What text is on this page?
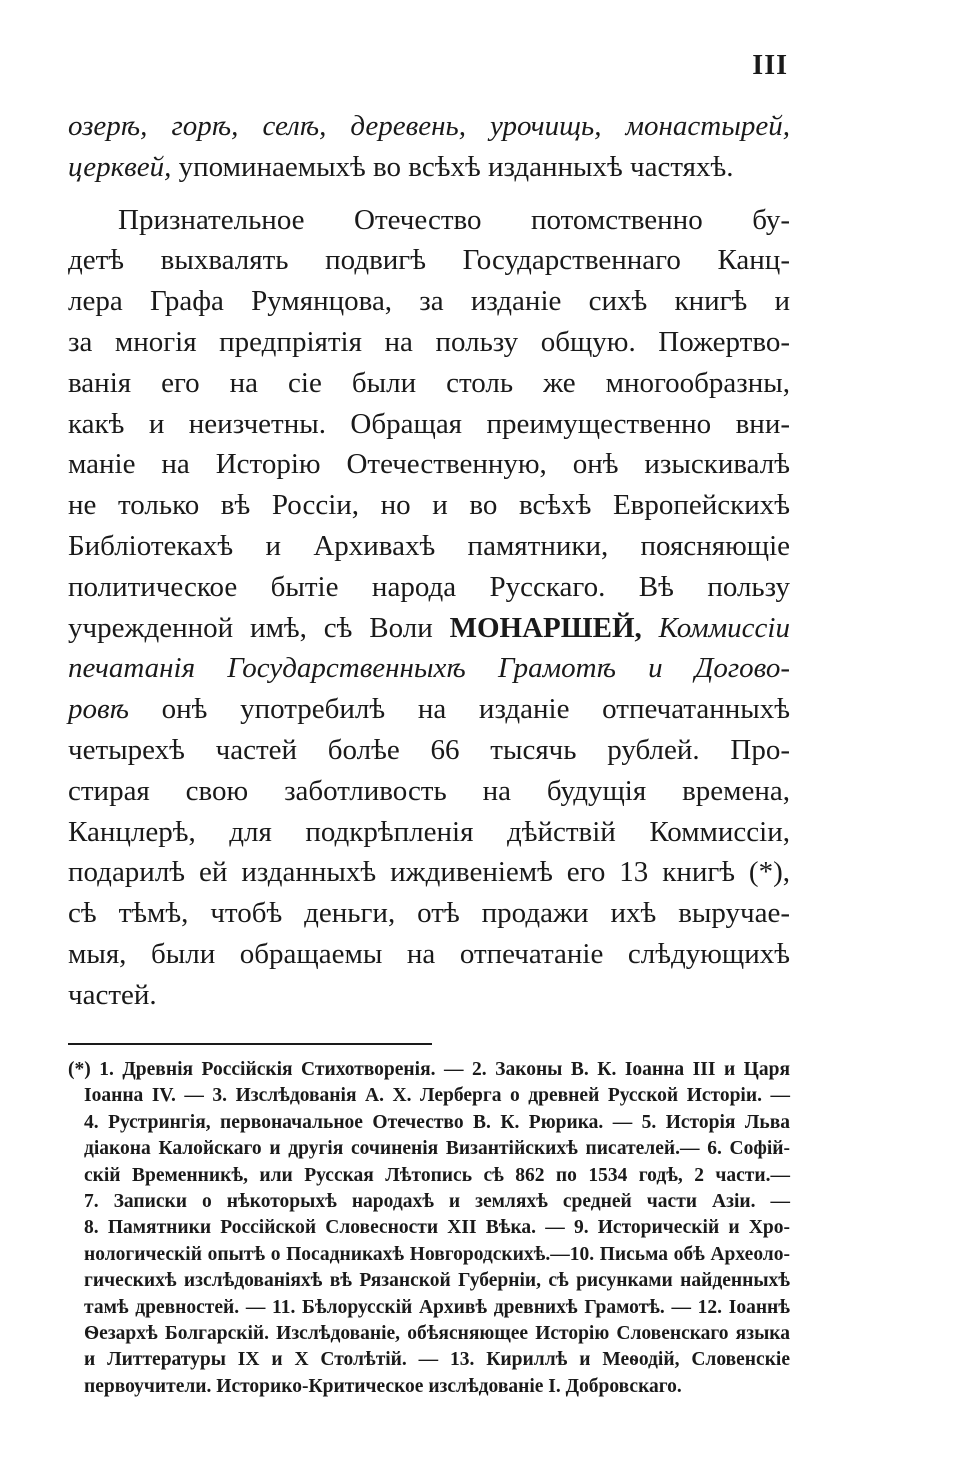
III
озерѣ, горѣ, селѣ, деревень, урочищь, монастырей,
церквей, упоминаемыхѣ во всѣхѣ изданныхѣ частяхѣ.
Признательное Отечество потомственно бу-
детѣ выхвалять подвигѣ Государственнаго Канц-
лера Графа Румянцова, за изданіе сихѣ книгѣ и
за многія предпріятія на пользу общую. Пожертво-
ванія его на сіе были столь же многообразны,
какѣ и неизчетны. Обращая преимущественно вни-
маніе на Исторію Отечественную, онѣ изыскивалѣ
не только вѣ Россіи, но и во всѣхѣ Европейскихѣ
Библіотекахѣ и Архивахѣ памятники, поясняющіе
политическое бытіе народа Русскаго. Вѣ пользу
учрежденной имѣ, сѣ Воли МОНАРШЕЙ, Коммиссіи
печатанія Государственныхѣ Грамотѣ и Догово-
ровѣ онѣ употребилѣ на изданіе отпечатанныхѣ
четырехѣ частей болѣе 66 тысячь рублей. Про-
стирая свою заботливость на будущія времена,
Канцлерѣ, для подкрѣпленія дѣйствій Коммиссіи,
подарилѣ ей изданныхѣ иждивеніемѣ его 13 книгѣ (*),
сѣ тѣмѣ, чтобѣ деньги, отѣ продажи ихѣ выручае-
мыя, были обращаемы на отпечатаніе слѣдующихѣ
частей.
(*) 1. Древнія Россійскія Стихотворенія. — 2. Законы В. К. Іоанна III и Царя
Іоанна IV. — 3. Изслѣдованія А. Х. Лерберга о древней Русской Исторіи. —
4. Рустрингія, первоначальное Отечество В. К. Рюрика. — 5. Исторія Льва
діакона Калойскаго и другія сочиненія Византійскихѣ писателей.— 6. Софій-
скій Временникѣ, или Русская Лѣтопись сѣ 862 по 1534 годѣ, 2 части.—
7. Записки о нѣкоторыхѣ народахѣ и земляхѣ средней части Азіи. —
8. Памятники Россійской Словесности XII Вѣка. — 9. Историческій и Хро-
нологическій опытѣ о Посадникахѣ Новгородскихѣ.—10. Письма обѣ Археоло-
гическихѣ изслѣдованіяхѣ вѣ Рязанской Губерніи, сѣ рисунками найденныхѣ
тамѣ древностей. — 11. Бѣлорусскій Архивѣ древнихѣ Грамотѣ. — 12. Іоаннѣ
Ѳезархѣ Болгарскій. Изслѣдованіе, обѣясняющее Исторію Словенскаго языка
и Литтературы IX и X Столѣтій. — 13. Кириллѣ и Меѳодій, Словенскіе
первоучители. Историко-Критическое изслѣдованіе I. Добровскаго.
